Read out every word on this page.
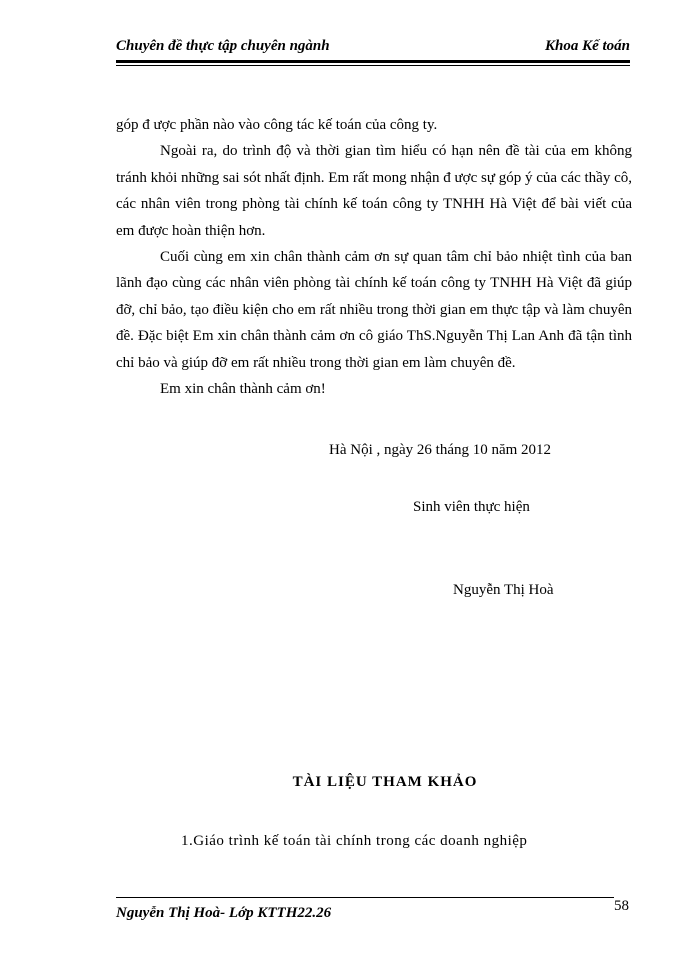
Chuyên đề thực tập chuyên ngành	Khoa Kế toán

góp đ ược phần nào vào công tác kế toán của công ty.

Ngoài ra, do trình độ và thời gian tìm hiểu có hạn nên đề tài của em không tránh khỏi những sai sót nhất định. Em rất mong nhận đ ược sự góp ý của các thầy cô, các nhân viên trong phòng tài chính kế toán công ty TNHH Hà Việt để bài viết của em được hoàn thiện hơn.

Cuối cùng em xin chân thành cảm ơn sự quan tâm chỉ bảo nhiệt tình của ban lãnh đạo cùng các nhân viên phòng tài chính kế toán công ty TNHH Hà Việt đã giúp đỡ, chỉ bảo, tạo điều kiện cho em rất nhiều trong thời gian em thực tập và làm chuyên đề. Đặc biệt Em xin chân thành cảm ơn cô giáo ThS.Nguyễn Thị Lan Anh đã tận tình chỉ bảo và giúp đỡ em rất nhiều trong thời gian em làm chuyên đề.

Em xin chân thành cảm ơn!

Hà Nội , ngày 26 tháng 10 năm 2012
Sinh viên thực hiện
Nguyễn Thị Hoà
TÀI LIỆU THAM KHẢO
1.Giáo trình kế toán tài chính trong các doanh nghiệp
Nguyễn Thị Hoà- Lớp KTTH22.26	58
